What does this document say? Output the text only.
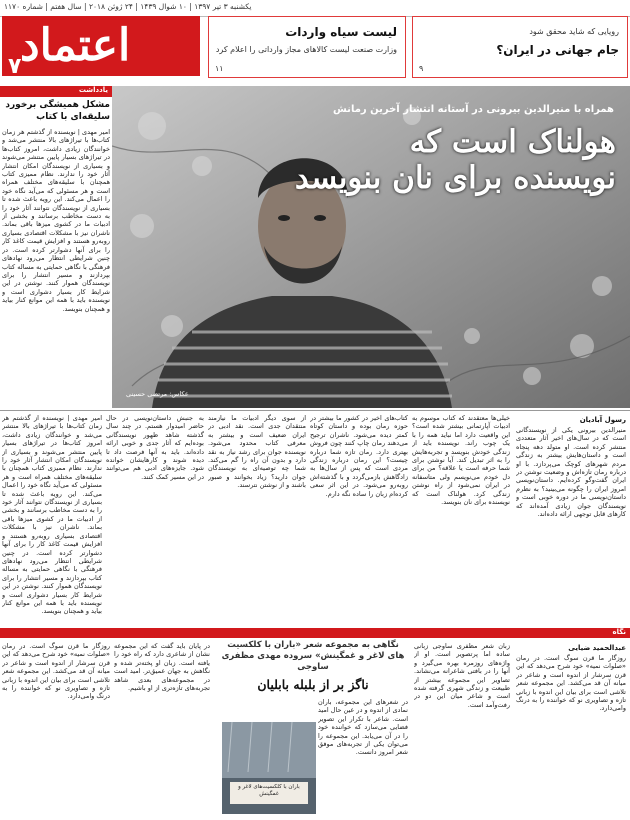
یکشنبه ۳ تیر ۱۳۹۷ | ۱۰ شوال ۱۴۳۹ | ۲۴ ژوئن ۲۰۱۸ | سال هفتم | شماره ۱۱۷۰
اعتماد
۷
لیست سیاه واردات
وزارت صنعت لیست کالاهای مجاز وارداتی را اعلام کرد
۱۱
رویایی که شاید محقق شود
جام جهانی در ایران؟
۹
یادداشت
مشکل همیشگی برخورد سلیقه‌ای با کتاب
امیر مهدی | نویسنده از گذشتم هر زمان کتاب‌ها با تیراژهای بالا منتشر می‌شد و خوانندگان زیادی داشت، امروز کتاب‌ها در تیراژهای بسیار پایین منتشر می‌شوند و بسیاری از نویسندگان امکان انتشار آثار خود را ندارند. نظام ممیزی کتاب همچنان با سلیقه‌های مختلف همراه است و هر مسئولی که می‌آید نگاه خود را اعمال می‌کند. این رویه باعث شده تا بسیاری از نویسندگان نتوانند آثار خود را به دست مخاطب برسانند و بخشی از ادبیات ما در کشوی میزها باقی بماند. ناشران نیز با مشکلات اقتصادی بسیاری روبه‌رو هستند و افزایش قیمت کاغذ کار را برای آنها دشوارتر کرده است. در چنین شرایطی انتظار می‌رود نهادهای فرهنگی با نگاهی حمایتی به مساله کتاب بپردازند و مسیر انتشار را برای نویسندگان هموار کنند. نوشتن در این شرایط کار بسیار دشواری است و نویسنده باید با همه این موانع کنار بیاید و همچنان بنویسد.
همراه با منیرالدین بیرونی در آستانه انتشار آخرین رمانش
هولناک است که
نویسنده برای نان بنویسد
عکاس: مرتضی حسینی
رسول آبادیان
منیرالدین بیرونی یکی از نویسندگانی است که در سال‌های اخیر آثار متعددی منتشر کرده است. او متولد دهه پنجاه است و داستان‌هایش بیشتر به زندگی مردم شهرهای کوچک می‌پردازد. با او درباره رمان تازه‌اش و وضعیت نوشتن در ایران گفت‌وگو کرده‌ایم. داستان‌نویسی امروز ایران را چگونه می‌بینید؟ به نظرم داستان‌نویسی ما در دوره خوبی است و نویسندگان جوان زیادی آمده‌اند که کارهای قابل توجهی ارائه داده‌اند.
خیلی‌ها معتقدند که کتاب موسوم به ادبیات آپارتمانی بیشتر شده است؟ این واقعیت دارد اما نباید همه را با یک چوب راند. نویسنده باید از زندگی خودش بنویسد و تجربه‌هایش را به اثر تبدیل کند. آیا نوشتن برای شما حرفه است یا علاقه؟ من برای دل خودم می‌نویسم ولی متاسفانه در ایران نمی‌شود از راه نوشتن زندگی کرد. هولناک است که نویسنده برای نان بنویسد.
کتاب‌های اخیر در کشور ما بیشتر در حوزه رمان بوده و داستان کوتاه کمتر دیده می‌شود. ناشران ترجیح می‌دهند رمان چاپ کنند چون فروش بهتری دارد. رمان تازه شما درباره چیست؟ این رمان درباره زندگی مردی است که پس از سال‌ها به زادگاهش بازمی‌گردد و با گذشته‌اش روبه‌رو می‌شود. در این اثر سعی کرده‌ام زبان را ساده نگه دارم.
از سوی دیگر ادبیات ما نیازمند منتقدان جدی است. نقد ادبی در ایران ضعیف است و بیشتر به معرفی کتاب محدود می‌شود. نویسنده جوان برای رشد نیاز به نقد دارد و بدون آن راه را گم می‌کند. شما چه توصیه‌ای به نویسندگان جوان دارید؟ زیاد بخوانند و صبور باشند و از نوشتن نترسند.
به جنبش داستان‌نویسی در حال حاضر امیدوار هستم. در چند سال گذشته شاهد ظهور نویسندگانی بوده‌ایم که آثار جدی و خوبی ارائه داده‌اند. باید به آنها فرصت داد تا دیده شوند و کارهایشان خوانده شود. جایزه‌های ادبی هم می‌توانند در این مسیر کمک کنند.
امیر مهدی | نویسنده از گذشتم هر زمان کتاب‌ها با تیراژهای بالا منتشر می‌شد و خوانندگان زیادی داشت، امروز کتاب‌ها در تیراژهای بسیار پایین منتشر می‌شوند و بسیاری از نویسندگان امکان انتشار آثار خود را ندارند. نظام ممیزی کتاب همچنان با سلیقه‌های مختلف همراه است و هر مسئولی که می‌آید نگاه خود را اعمال می‌کند. این رویه باعث شده تا بسیاری از نویسندگان نتوانند آثار خود را به دست مخاطب برسانند و بخشی از ادبیات ما در کشوی میزها باقی بماند. ناشران نیز با مشکلات اقتصادی بسیاری روبه‌رو هستند و افزایش قیمت کاغذ کار را برای آنها دشوارتر کرده است. در چنین شرایطی انتظار می‌رود نهادهای فرهنگی با نگاهی حمایتی به مساله کتاب بپردازند و مسیر انتشار را برای نویسندگان هموار کنند. نوشتن در این شرایط کار بسیار دشواری است و نویسنده باید با همه این موانع کنار بیاید و همچنان بنویسد.
نگاه
عبدالحمید ضیایی
روزگار ما قرن سوگ است. در رمان «صلوات نمیه» خود شرح می‌دهد که این قرن سرشار از اندوه است و شاعر در میانه آن قد می‌کشد. این مجموعه شعر تلاشی است برای بیان این اندوه با زبانی تازه و تصاویری نو که خواننده را به درنگ وامی‌دارد.
زبان شعر مظفری ساوجی زبانی ساده اما پرتصویر است. او از واژه‌های روزمره بهره می‌گیرد و آنها را در بافتی شاعرانه می‌نشاند. تصاویر این مجموعه بیشتر از طبیعت و زندگی شهری گرفته شده است و شاعر میان این دو در رفت‌وآمد است.
نگاهی به مجموعه شعر «باران با کلکسیت های لاغر و غمگینش» سروده مهدی مظفری ساوجی
ناگز بر از بلبله بابلیان
در شعرهای این مجموعه، باران نمادی از اندوه و در عین حال امید است. شاعر با تکرار این تصویر فضایی می‌سازد که خواننده خود را در آن می‌یابد. این مجموعه را می‌توان یکی از تجربه‌های موفق شعر امروز دانست.
باران با کلکسیت‌های لاغر و غمگینش
در پایان باید گفت که این مجموعه نشان از شاعری دارد که راه خود را یافته است. زبان او پخته‌تر شده و نگاهش به جهان عمیق‌تر. امید است در مجموعه‌های بعدی شاهد تجربه‌های تازه‌تری از او باشیم.
روزگار ما قرن سوگ است. در رمان «صلوات نمیه» خود شرح می‌دهد که این قرن سرشار از اندوه است و شاعر در میانه آن قد می‌کشد. این مجموعه شعر تلاشی است برای بیان این اندوه با زبانی تازه و تصاویری نو که خواننده را به درنگ وامی‌دارد.
